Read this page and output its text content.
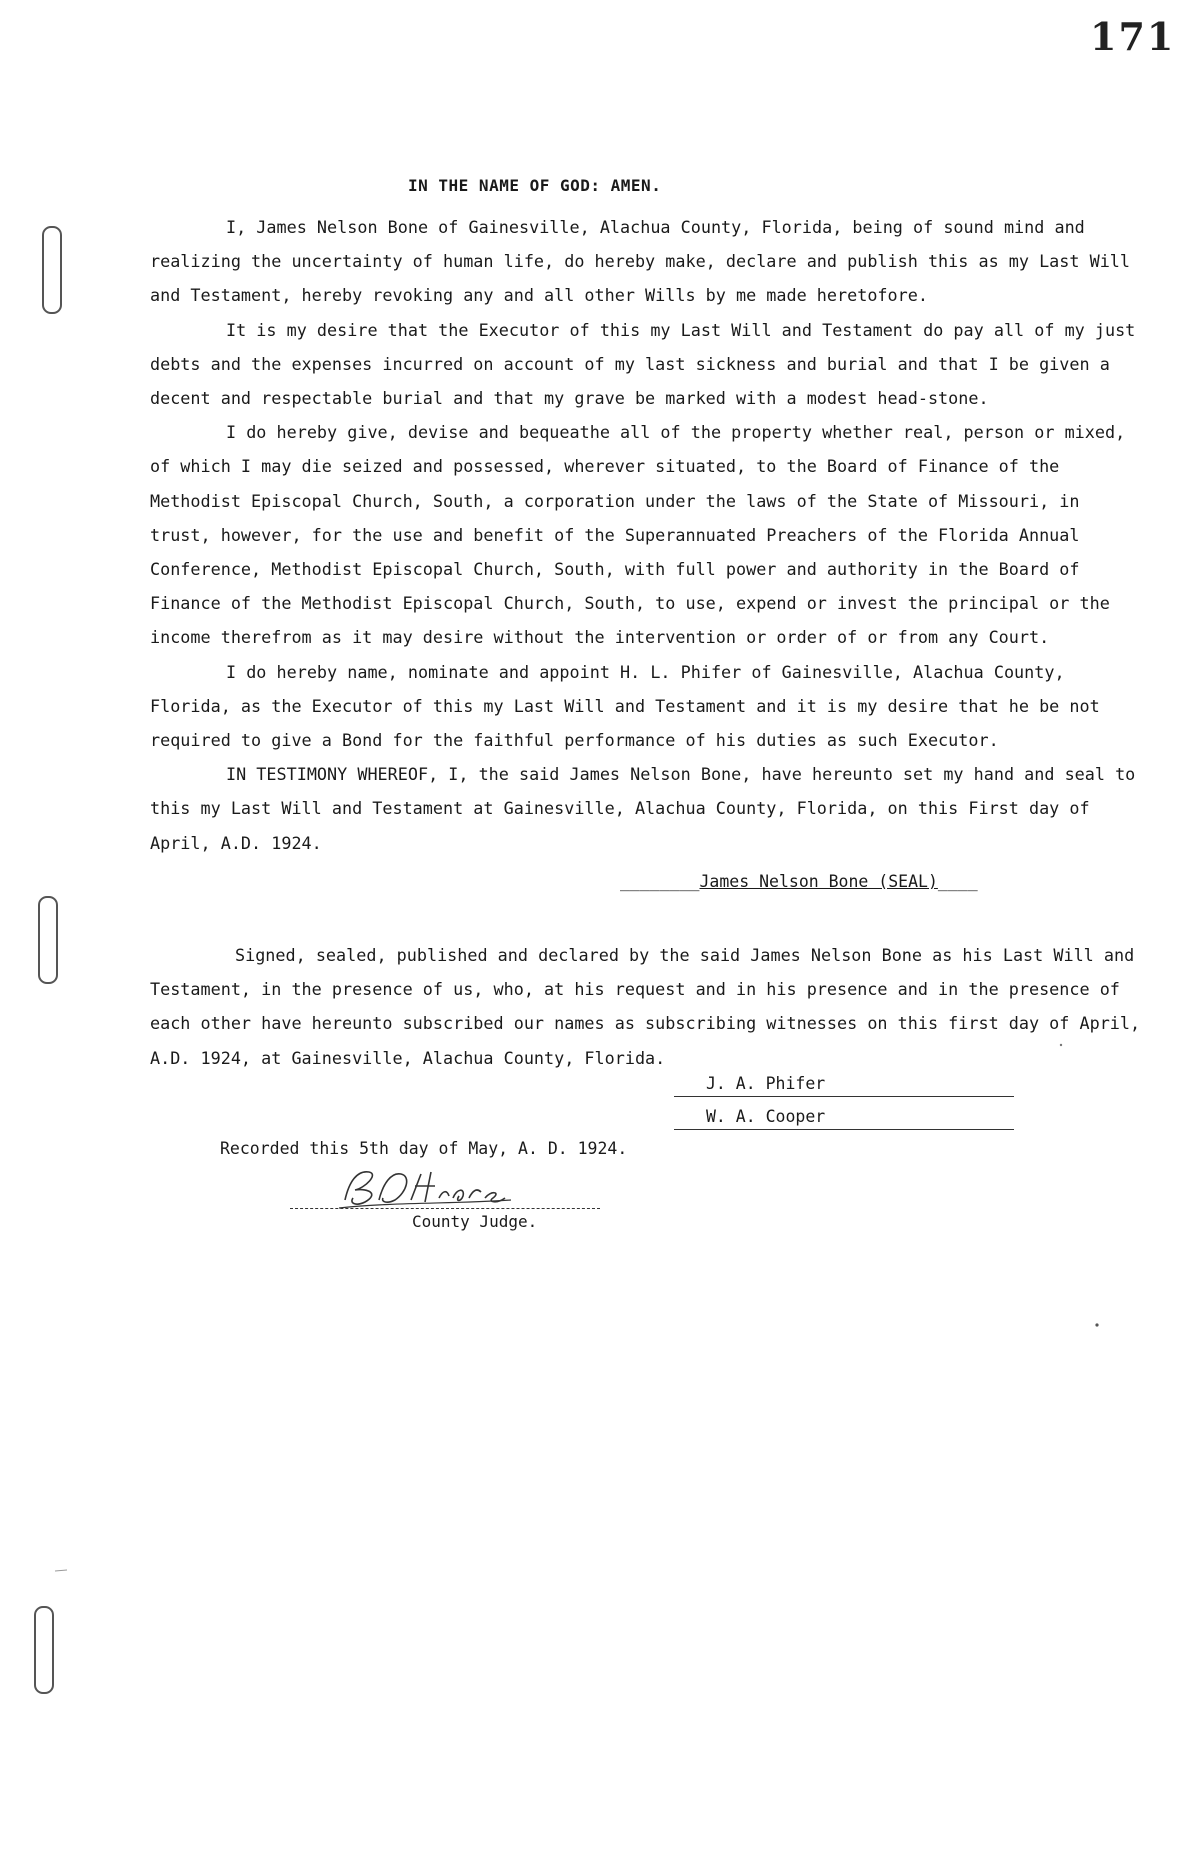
171
IN THE NAME OF GOD: AMEN.

I, James Nelson Bone of Gainesville, Alachua County, Florida, being of sound mind and realizing the uncertainty of human life, do hereby make, declare and publish this as my Last Will and Testament, hereby revoking any and all other Wills by me made heretofore.

It is my desire that the Executor of this my Last Will and Testament do pay all of my just debts and the expenses incurred on account of my last sickness and burial and that I be given a decent and respectable burial and that my grave be marked with a modest head-stone.

I do hereby give, devise and bequeathe all of the property whether real, person or mixed, of which I may die seized and possessed, wherever situated, to the Board of Finance of the Methodist Episcopal Church, South, a corporation under the laws of the State of Missouri, in trust, however, for the use and benefit of the Superannuated Preachers of the Florida Annual Conference, Methodist Episcopal Church, South, with full power and authority in the Board of Finance of the Methodist Episcopal Church, South, to use, expend or invest the principal or the income therefrom as it may desire without the intervention or order of or from any Court.

I do hereby name, nominate and appoint H. L. Phifer of Gainesville, Alachua County, Florida, as the Executor of this my Last Will and Testament and it is my desire that he be not required to give a Bond for the faithful performance of his duties as such Executor.

IN TESTIMONY WHEREOF, I, the said James Nelson Bone, have hereunto set my hand and seal to this my Last Will and Testament at Gainesville, Alachua County, Florida, on this First day of April, A.D. 1924.

________James Nelson Bone (SEAL)____

Signed, sealed, published and declared by the said James Nelson Bone as his Last Will and Testament, in the presence of us, who, at his request and in his presence and in the presence of each other have hereunto subscribed our names as subscribing witnesses on this first day of April, A.D. 1924, at Gainesville, Alachua County, Florida.

J. A. Phifer
W. A. Cooper
Recorded this 5th day of May, A. D. 1924.
County Judge.
